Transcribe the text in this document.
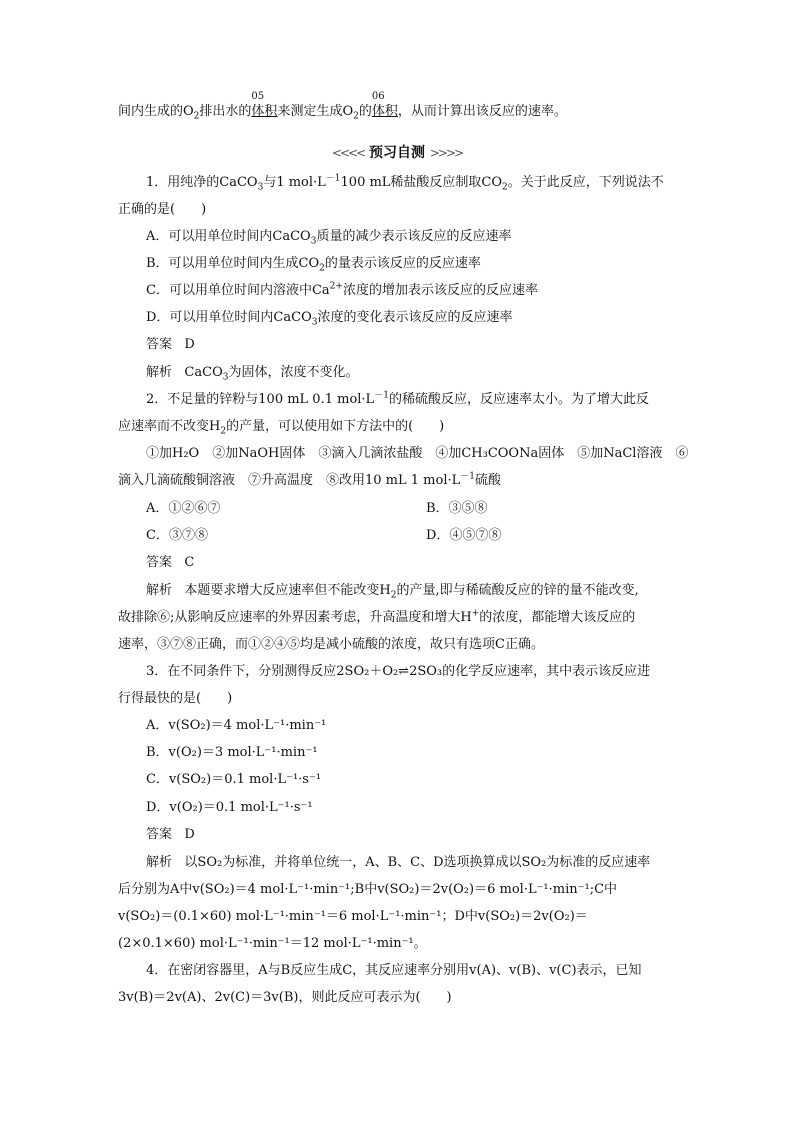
间内生成的$O_2$排出水的
05
体积来测定生成$O_2$的
06
体积，从而计算出该反应的速率。
<<<< 预习自测 >>>>
1．用纯净的CaCO$_3$与1 $mol\cdot L^{-1}100$ mL稀盐酸反应制取$CO_2$。关于此反应，下列说法不
正确的是(　　)
A．可以用单位时间内CaCO$_3$质量的减少表示该反应的反应速率
B．可以用单位时间内生成$CO_2$的量表示该反应的反应速率
C．可以用单位时间内溶液中$Ca^{2+}$浓度的增加表示该反应的反应速率
D．可以用单位时间内CaCO$_3$浓度的变化表示该反应的反应速率
答案 D
解析 CaCO$_3$为固体，浓度不变化。
2．不足量的锌粉与100 mL 0.1 $mol\cdot L^{-1}$的稀硫酸反应，反应速率太小。为了增大此反
应速率而不改变$H_2$的产量，可以使用如下方法中的(　　)
①加H₂O　②加NaOH固体　③滴入几滴浓盐酸　④加CH₃COONa固体　⑤加NaCl溶液　⑥
滴入几滴硫酸铜溶液　⑦升高温度　⑧改用10 mL 1 $mol\cdot L^{-1}$硫酸
A．①②⑥⑦	B．③⑤⑧
C．③⑦⑧	D．④⑤⑦⑧
答案 C
解析 本题要求增大反应速率但不能改变$H_2$的产量,即与稀硫酸反应的锌的量不能改变,
故排除⑥;从影响反应速率的外界因素考虑，升高温度和增大H+的浓度，都能增大该反应的
速率，③⑦⑧正确，而①②④⑤均是减小硫酸的浓度，故只有选项C正确。
3．在不同条件下，分别测得反应2SO₂＋O₂⇌2SO₃的化学反应速率，其中表示该反应进
行得最快的是(　　)
A．v(SO₂)＝4 mol·L⁻¹·min⁻¹
B．v(O₂)＝3 mol·L⁻¹·min⁻¹
C．v(SO₂)＝0.1 mol·L⁻¹·s⁻¹
D．v(O₂)＝0.1 mol·L⁻¹·s⁻¹
答案 D
解析 以SO₂为标准，并将单位统一，A、B、C、D选项换算成以SO₂为标准的反应速率
后分别为A中v(SO₂)＝4 mol·L⁻¹·min⁻¹;B中v(SO₂)＝2v(O₂)＝6 mol·L⁻¹·min⁻¹;C中
v(SO₂)＝(0.1×60) mol·L⁻¹·min⁻¹＝6 mol·L⁻¹·min⁻¹；D中v(SO₂)＝2v(O₂)＝
(2×0.1×60) mol·L⁻¹·min⁻¹＝12 mol·L⁻¹·min⁻¹。
4．在密闭容器里，A与B反应生成C，其反应速率分别用v(A)、v(B)、v(C)表示，已知
3v(B)＝2v(A)、2v(C)＝3v(B)，则此反应可表示为(　　)
